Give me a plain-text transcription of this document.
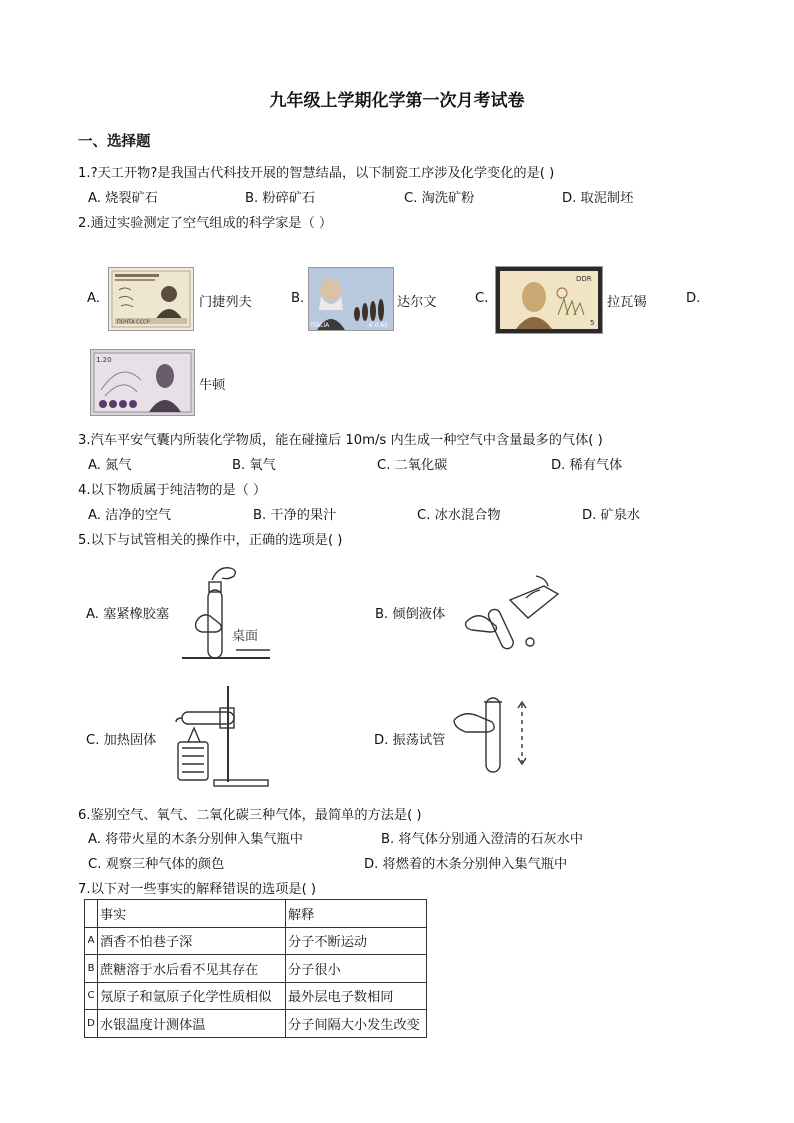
九年级上学期化学第一次月考试卷
一、选择题
1.?天工开物?是我国古代科技开展的智慧结晶，以下制瓷工序涉及化学变化的是( )
A. 烧裂矿石	B. 粉碎矿石	C. 淘洗矿粉	D. 取泥制坯
2.通过实验测定了空气组成的科学家是（ ）
A.
ПОЧТА СССР
门捷列夫	B.
ITALIA	€ 0,65
达尔文	C.
DDR
5
拉瓦锡	D.
1.20
牛顿
3.汽车平安气囊内所装化学物质，能在碰撞后 10m/s 内生成一种空气中含量最多的气体( )
A. 氮气	B. 氧气	C. 二氧化碳	D. 稀有气体
4.以下物质属于纯洁物的是（ ）
A. 洁净的空气	B. 干净的果汁	C. 冰水混合物	D. 矿泉水
5.以下与试管相关的操作中，正确的选项是( )
A. 塞紧橡胶塞
桌面
B. 倾倒液体
C. 加热固体	D. 振荡试管
6.鉴别空气、氧气、二氧化碳三种气体，最简单的方法是( )
A. 将带火星的木条分别伸入集气瓶中	B. 将气体分别通入澄清的石灰水中
C. 观察三种气体的颜色	D. 将燃着的木条分别伸入集气瓶中
7.以下对一些事实的解释错误的选项是( )
	事实	解释
A	酒香不怕巷子深	分子不断运动
B	蔗糖溶于水后看不见其存在	分子很小
C	氖原子和氩原子化学性质相似	最外层电子数相同
D	水银温度计测体温	分子间隔大小发生改变
